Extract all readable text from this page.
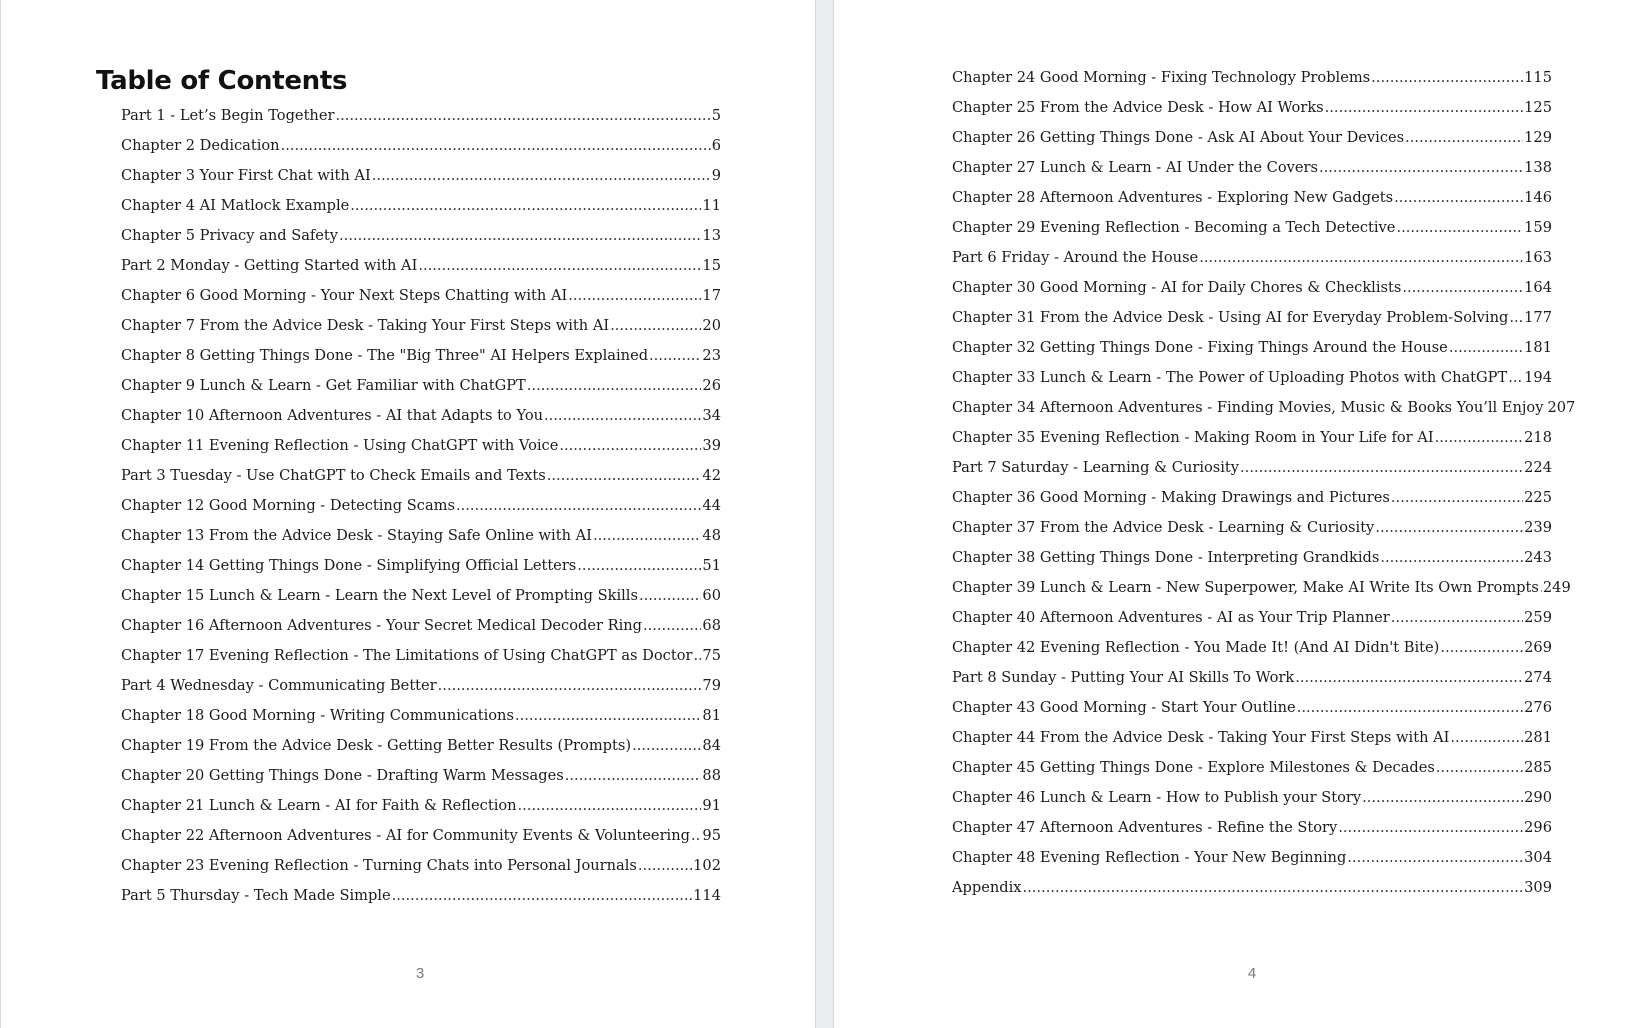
Table of Contents
Part 1 - Let’s Begin Together .....	5
Chapter 2 Dedication .....	6
Chapter 3 Your First Chat with AI .....	9
Chapter 4 AI Matlock Example .....	11
Chapter 5 Privacy and Safety .....	13
Part 2 Monday - Getting Started with AI .....	15
Chapter 6 Good Morning - Your Next Steps Chatting with AI .....	17
Chapter 7 From the Advice Desk - Taking Your First Steps with AI .....	20
Chapter 8 Getting Things Done - The "Big Three" AI Helpers Explained .....	23
Chapter 9 Lunch & Learn - Get Familiar with ChatGPT .....	26
Chapter 10 Afternoon Adventures - AI that Adapts to You .....	34
Chapter 11 Evening Reflection - Using ChatGPT with Voice .....	39
Part 3 Tuesday - Use ChatGPT to Check Emails and Texts .....	42
Chapter 12 Good Morning - Detecting Scams .....	44
Chapter 13 From the Advice Desk - Staying Safe Online with AI .....	48
Chapter 14 Getting Things Done - Simplifying Official Letters .....	51
Chapter 15 Lunch & Learn - Learn the Next Level of Prompting Skills .....	60
Chapter 16 Afternoon Adventures - Your Secret Medical Decoder Ring .....	68
Chapter 17 Evening Reflection - The Limitations of Using ChatGPT as Doctor ..... 75
Part 4 Wednesday - Communicating Better .....	79
Chapter 18 Good Morning - Writing Communications .....	81
Chapter 19 From the Advice Desk - Getting Better Results (Prompts) .....	84
Chapter 20 Getting Things Done - Drafting Warm Messages .....	88
Chapter 21 Lunch & Learn - AI for Faith & Reflection .....	91
Chapter 22 Afternoon Adventures - AI for Community Events & Volunteering ..... 95
Chapter 23 Evening Reflection - Turning Chats into Personal Journals .....	102
Part 5 Thursday - Tech Made Simple .....	114
3
Chapter 24 Good Morning - Fixing Technology Problems .....	115
Chapter 25 From the Advice Desk - How AI Works .....	125
Chapter 26 Getting Things Done - Ask AI About Your Devices .....	129
Chapter 27 Lunch & Learn - AI Under the Covers .....	138
Chapter 28 Afternoon Adventures - Exploring New Gadgets .....	146
Chapter 29 Evening Reflection - Becoming a Tech Detective .....	159
Part 6 Friday - Around the House .....	163
Chapter 30 Good Morning - AI for Daily Chores & Checklists .....	164
Chapter 31 From the Advice Desk - Using AI for Everyday Problem-Solving ..... 177
Chapter 32 Getting Things Done - Fixing Things Around the House .....	181
Chapter 33 Lunch & Learn - The Power of Uploading Photos with ChatGPT ..... 194
Chapter 34 Afternoon Adventures - Finding Movies, Music & Books You’ll Enjoy ..... 207
Chapter 35 Evening Reflection - Making Room in Your Life for AI .....	218
Part 7 Saturday - Learning & Curiosity .....	224
Chapter 36 Good Morning - Making Drawings and Pictures .....	225
Chapter 37 From the Advice Desk - Learning & Curiosity .....	239
Chapter 38 Getting Things Done - Interpreting Grandkids .....	243
Chapter 39 Lunch & Learn - New Superpower, Make AI Write Its Own Prompts ..... 249
Chapter 40 Afternoon Adventures - AI as Your Trip Planner .....	259
Chapter 42 Evening Reflection - You Made It! (And AI Didn't Bite) .....	269
Part 8 Sunday - Putting Your AI Skills To Work .....	274
Chapter 43 Good Morning - Start Your Outline .....	276
Chapter 44 From the Advice Desk - Taking Your First Steps with AI .....	281
Chapter 45 Getting Things Done - Explore Milestones & Decades .....	285
Chapter 46 Lunch & Learn - How to Publish your Story .....	290
Chapter 47 Afternoon Adventures - Refine the Story .....	296
Chapter 48 Evening Reflection - Your New Beginning .....	304
Appendix .....	309
4
